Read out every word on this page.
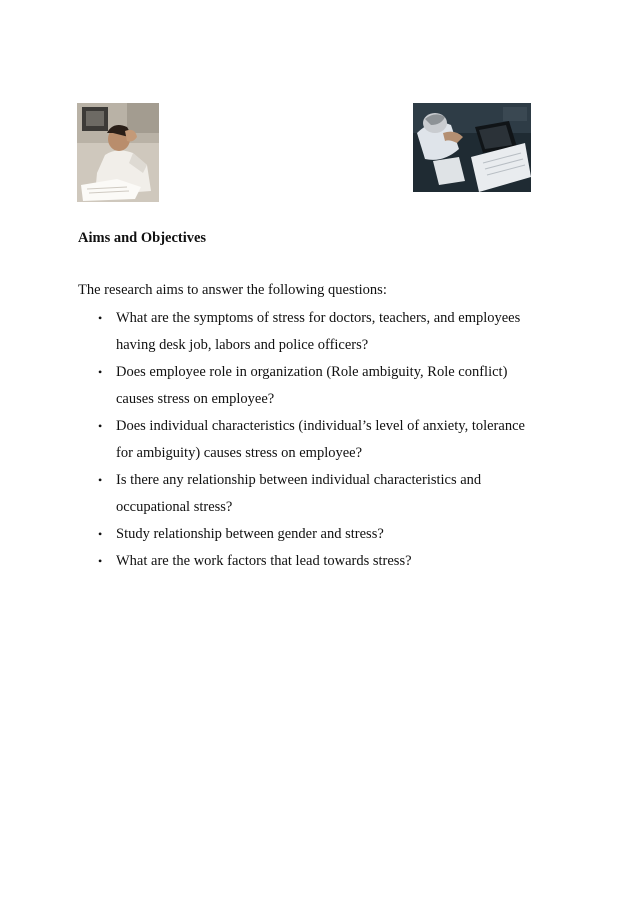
Aims and Objectives
The research aims to answer the following questions:
• What are the symptoms of stress for doctors, teachers, and employees
having desk job, labors and police officers?
• Does employee role in organization (Role ambiguity, Role conflict)
causes stress on employee?
• Does individual characteristics (individual’s level of anxiety, tolerance
for ambiguity) causes stress on employee?
• Is there any relationship between individual characteristics and
occupational stress?
• Study relationship between gender and stress?
• What are the work factors that lead towards stress?
